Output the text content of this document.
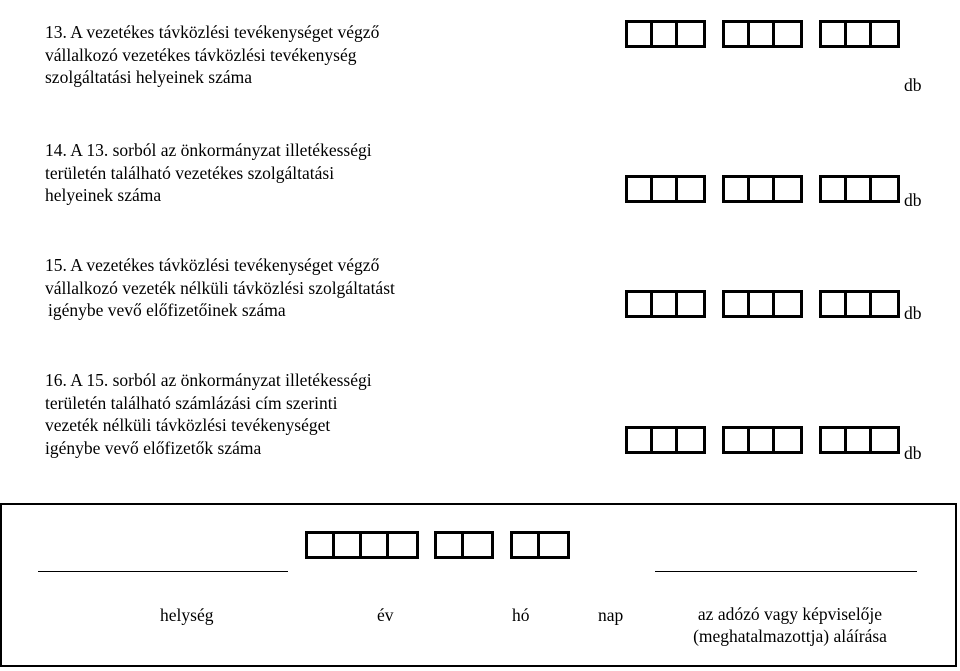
13. A vezetékes távközlési tevékenységet végző
vállalkozó vezetékes távközlési tevékenység
szolgáltatási helyeinek száma	db
14. A 13. sorból az önkormányzat illetékességi
területén található vezetékes szolgáltatási
helyeinek száma	db
15. A vezetékes távközlési tevékenységet végző
vállalkozó vezeték nélküli távközlési szolgáltatást
igénybe vevő előfizetőinek száma	db
16. A 15. sorból az önkormányzat illetékességi
területén található számlázási cím szerinti
vezeték nélküli távközlési tevékenységet
igénybe vevő előfizetők száma	db
helység	év	hó	nap	az adózó vagy képviselője
(meghatalmazottja) aláírása
